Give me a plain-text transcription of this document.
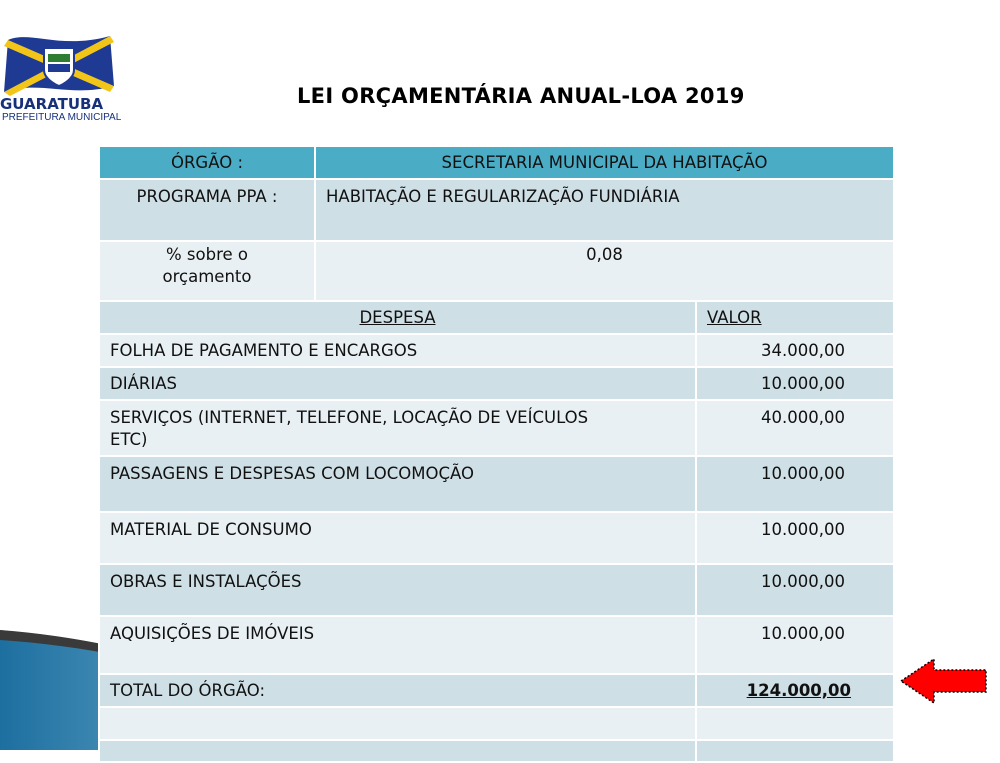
GUARATUBA
PREFEITURA MUNICIPAL
LEI ORÇAMENTÁRIA ANUAL-LOA 2019
ÓRGÃO :	SECRETARIA MUNICIPAL DA HABITAÇÃO	
PROGRAMA PPA :	HABITAÇÃO E REGULARIZAÇÃO FUNDIÁRIA	
% sobre o
orçamento	0,08	
DESPESA		VALOR
FOLHA DE PAGAMENTO E ENCARGOS		34.000,00
DIÁRIAS		10.000,00
SERVIÇOS (INTERNET, TELEFONE, LOCAÇÃO DE VEÍCULOS ETC)		40.000,00
PASSAGENS E DESPESAS COM LOCOMOÇÃO		10.000,00
MATERIAL DE CONSUMO		10.000,00
OBRAS E INSTALAÇÕES		10.000,00
AQUISIÇÕES DE IMÓVEIS		10.000,00
TOTAL DO ÓRGÃO:		124.000,00
